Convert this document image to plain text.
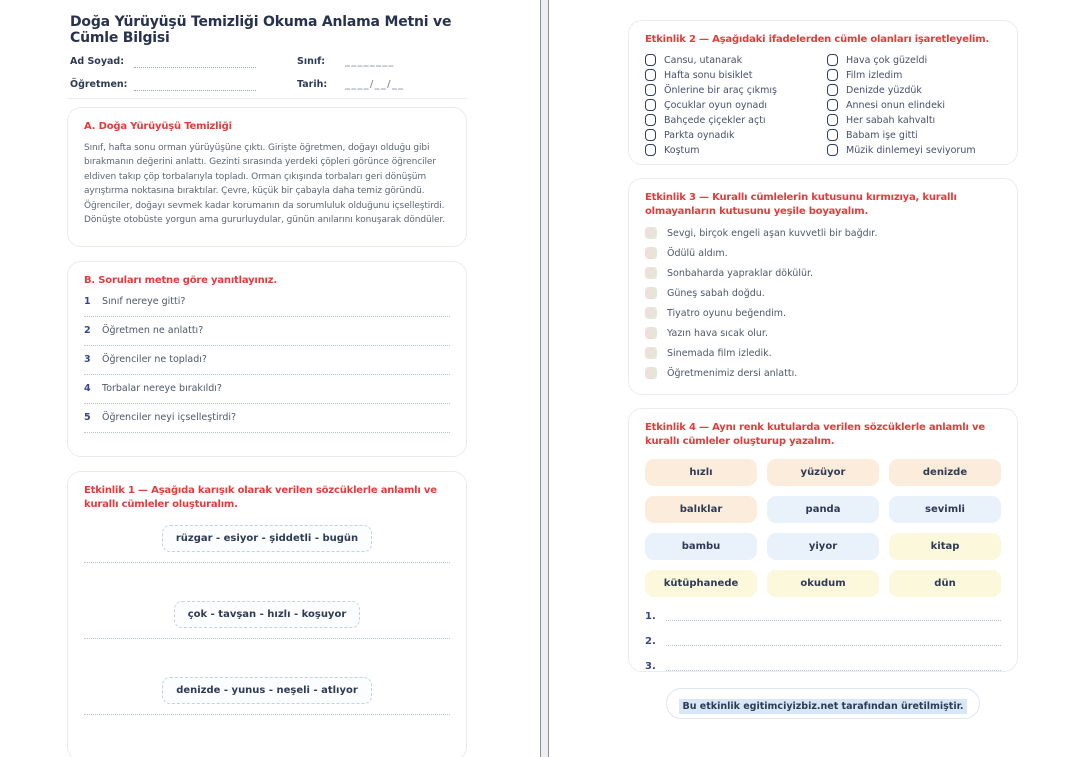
Doğa Yürüyüşü Temizliği Okuma Anlama Metni ve Cümle Bilgisi
Ad Soyad:	Sınıf:	________
Öğretmen:	Tarih:	____/__/__
A. Doğa Yürüyüşü Temizliği
Sınıf, hafta sonu orman yürüyüşüne çıktı. Girişte öğretmen, doğayı olduğu gibi bırakmanın değerini anlattı. Gezinti sırasında yerdeki çöpleri görünce öğrenciler eldiven takıp çöp torbalarıyla topladı. Orman çıkışında torbaları geri dönüşüm ayrıştırma noktasına bıraktılar. Çevre, küçük bir çabayla daha temiz göründü. Öğrenciler, doğayı sevmek kadar korumanın da sorumluluk olduğunu içselleştirdi. Dönüşte otobüste yorgun ama gururluydular, günün anılarını konuşarak döndüler.
B. Soruları metne göre yanıtlayınız.
1 Sınıf nereye gitti?
2 Öğretmen ne anlattı?
3 Öğrenciler ne topladı?
4 Torbalar nereye bırakıldı?
5 Öğrenciler neyi içselleştirdi?
Etkinlik 1 — Aşağıda karışık olarak verilen sözcüklerle anlamlı ve kurallı cümleler oluşturalım.
rüzgar - esiyor - şiddetli - bugün
çok - tavşan - hızlı - koşuyor
denizde - yunus - neşeli - atlıyor
Etkinlik 2 — Aşağıdaki ifadelerden cümle olanları işaretleyelim.
Cansu, utanarak	Hava çok güzeldi
Hafta sonu bisiklet	Film izledim
Önlerine bir araç çıkmış	Denizde yüzdük
Çocuklar oyun oynadı	Annesi onun elindeki
Bahçede çiçekler açtı	Her sabah kahvaltı
Parkta oynadık	Babam işe gitti
Koştum	Müzik dinlemeyi seviyorum
Etkinlik 3 — Kurallı cümlelerin kutusunu kırmızıya, kurallı olmayanların kutusunu yeşile boyayalım.
Sevgi, birçok engeli aşan kuvvetli bir bağdır.
Ödülü aldım.
Sonbaharda yapraklar dökülür.
Güneş sabah doğdu.
Tiyatro oyunu beğendim.
Yazın hava sıcak olur.
Sinemada film izledik.
Öğretmenimiz dersi anlattı.
Etkinlik 4 — Aynı renk kutularda verilen sözcüklerle anlamlı ve kurallı cümleler oluşturup yazalım.
hızlı	yüzüyor	denizde
balıklar	panda	sevimli
bambu	yiyor	kitap
kütüphanede	okudum	dün
1.
2.
3.
Bu etkinlik egitimciyizbiz.net tarafından üretilmiştir.
